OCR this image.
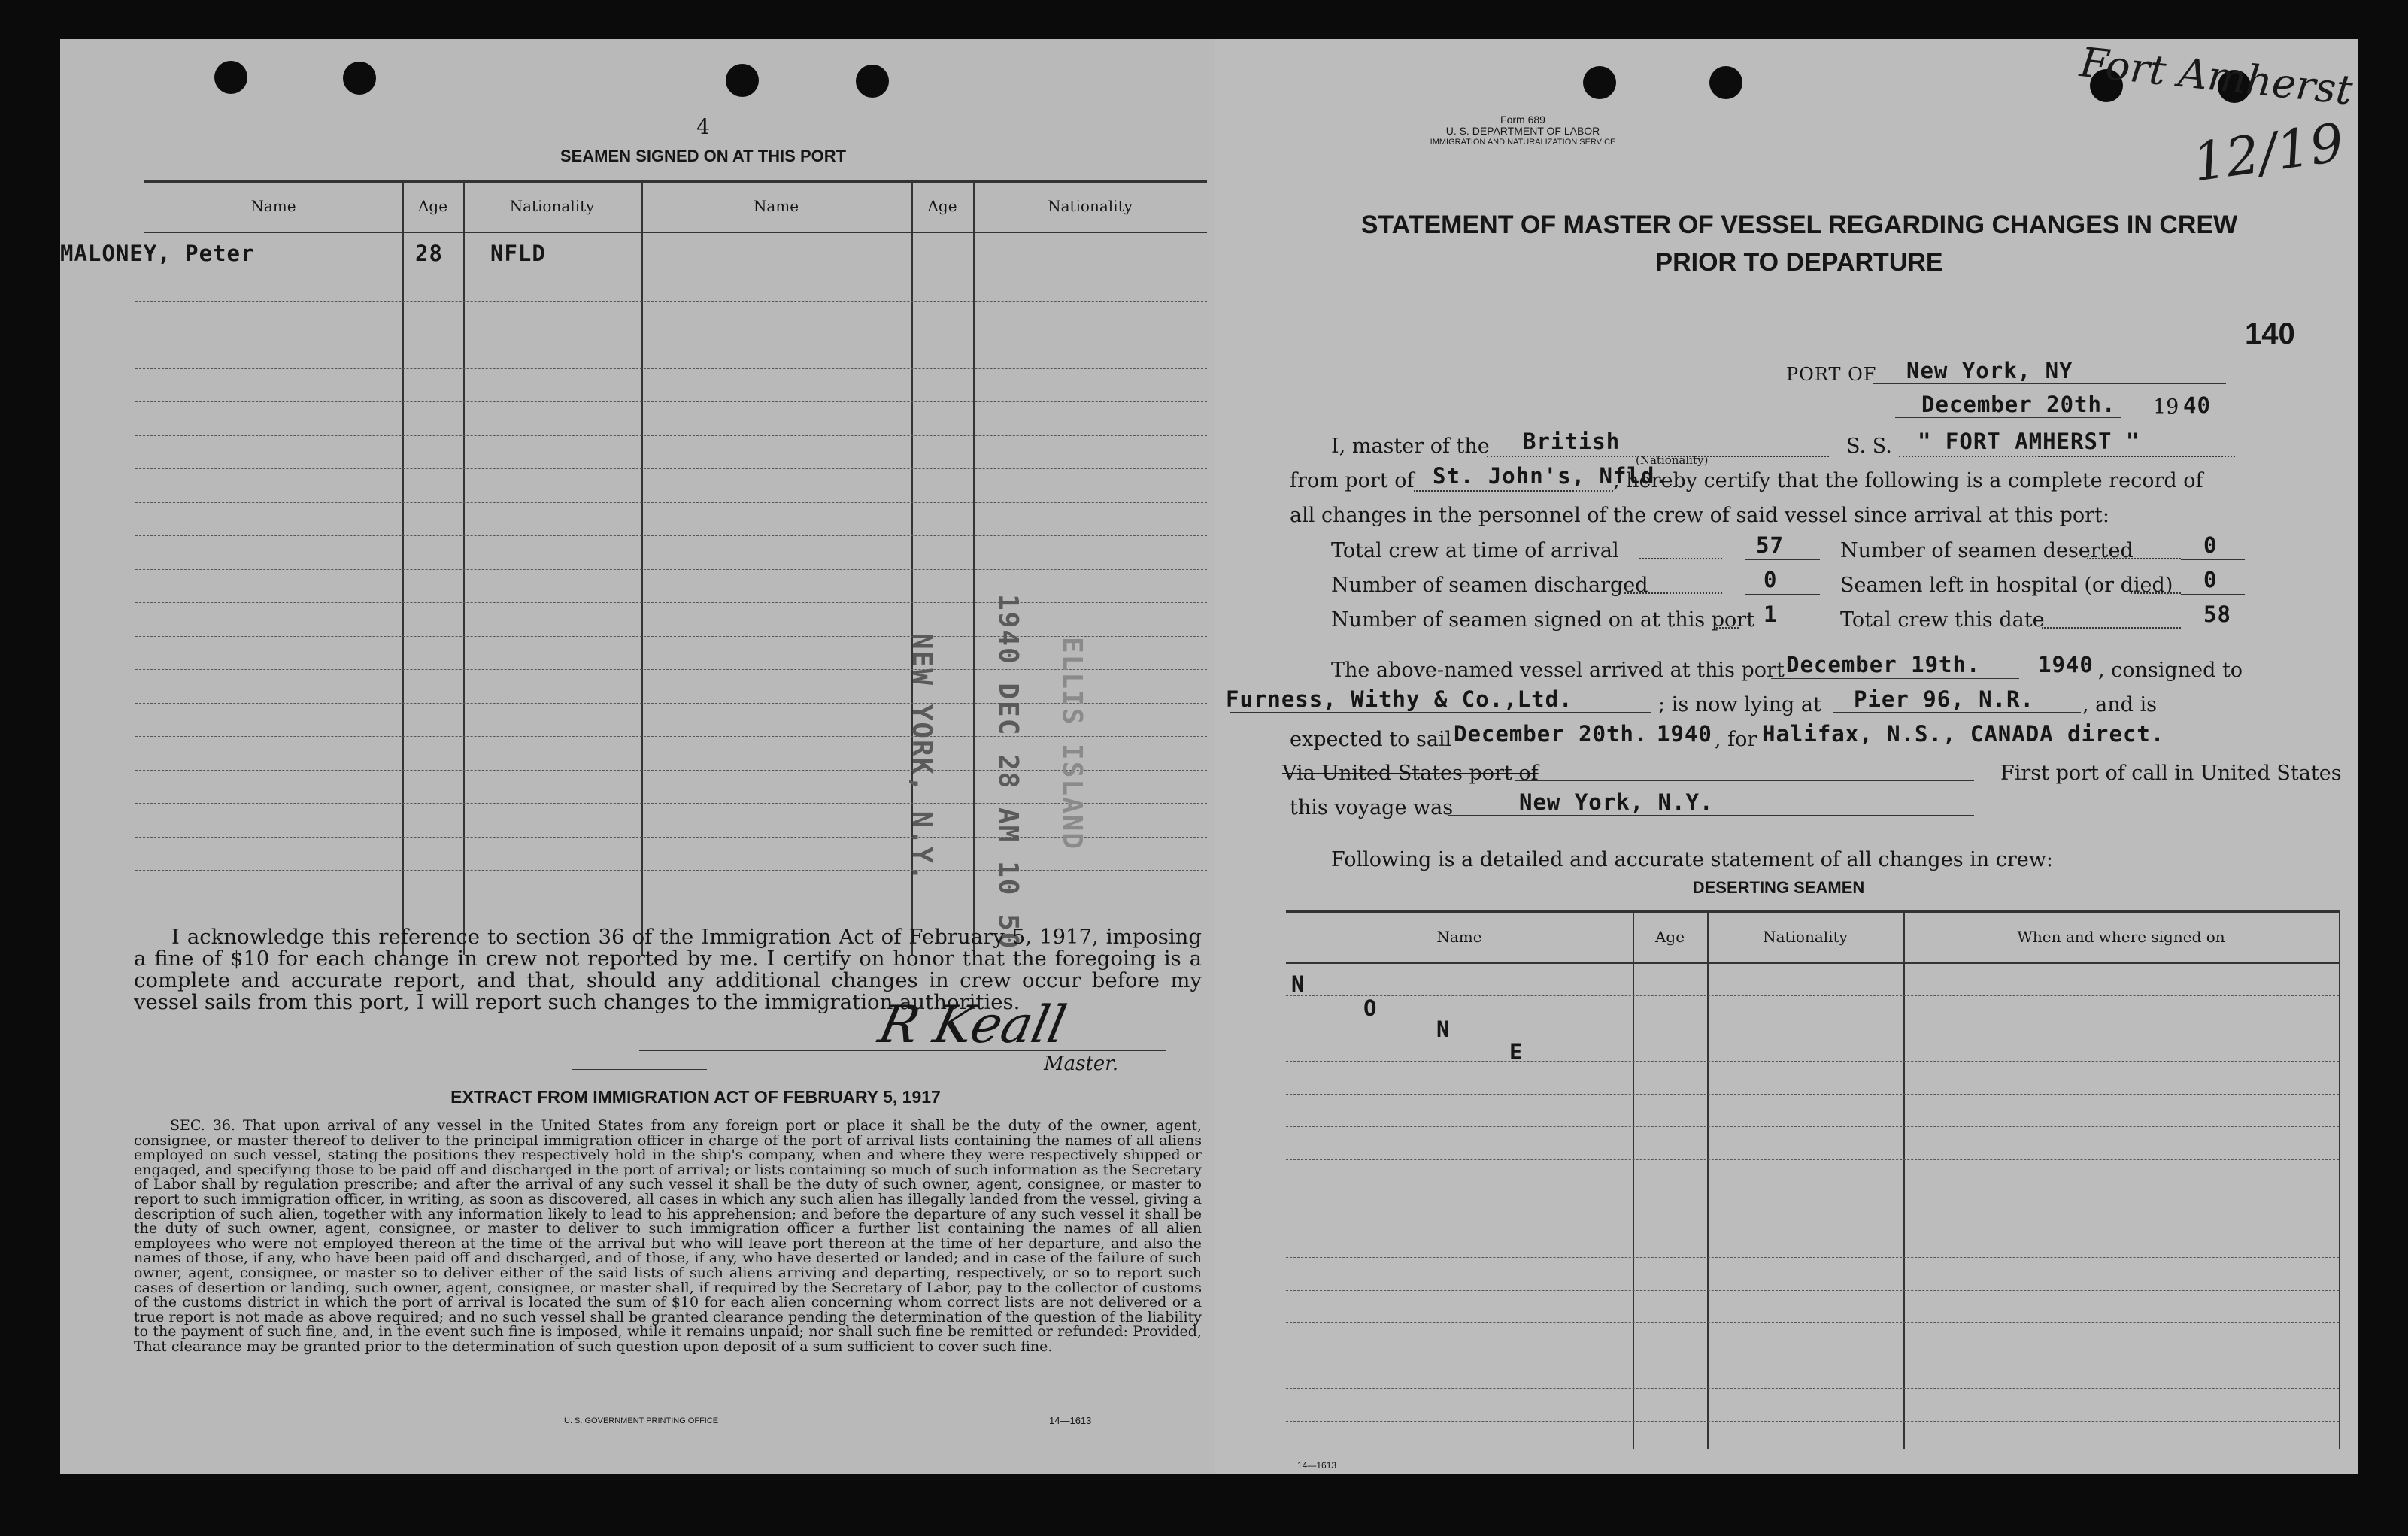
4
SEAMEN SIGNED ON AT THIS PORT
Name	Age	Nationality	Name	Age	Nationality
MALONEY, Peter	28 NFLD
1940 DEC 28 AM 10 50
NEW YORK, N.Y.	ELLIS ISLAND
I acknowledge this reference to section 36 of the Immigration Act of February 5, 1917, imposing a fine of $10 for each change in crew not reported by me. I certify on honor that the foregoing is a complete and accurate report, and that, should any additional changes in crew occur before my vessel sails from this port, I will report such changes to the immigration authorities.
R Keall
Master.
EXTRACT FROM IMMIGRATION ACT OF FEBRUARY 5, 1917
SEC. 36. That upon arrival of any vessel in the United States from any foreign port or place it shall be the duty of the owner, agent, consignee, or master thereof to deliver to the principal immigration officer in charge of the port of arrival lists containing the names of all aliens employed on such vessel, stating the positions they respectively hold in the ship's company, when and where they were respectively shipped or engaged, and specifying those to be paid off and discharged in the port of arrival; or lists containing so much of such information as the Secretary of Labor shall by regulation prescribe; and after the arrival of any such vessel it shall be the duty of such owner, agent, consignee, or master to report to such immigration officer, in writing, as soon as discovered, all cases in which any such alien has illegally landed from the vessel, giving a description of such alien, together with any information likely to lead to his apprehension; and before the departure of any such vessel it shall be the duty of such owner, agent, consignee, or master to deliver to such immigration officer a further list containing the names of all alien employees who were not employed thereon at the time of the arrival but who will leave port thereon at the time of her departure, and also the names of those, if any, who have been paid off and discharged, and of those, if any, who have deserted or landed; and in case of the failure of such owner, agent, consignee, or master so to deliver either of the said lists of such aliens arriving and departing, respectively, or so to report such cases of desertion or landing, such owner, agent, consignee, or master shall, if required by the Secretary of Labor, pay to the collector of customs of the customs district in which the port of arrival is located the sum of $10 for each alien concerning whom correct lists are not delivered or a true report is not made as above required; and no such vessel shall be granted clearance pending the determination of the question of the liability to the payment of such fine, and, in the event such fine is imposed, while it remains unpaid; nor shall such fine be remitted or refunded: Provided, That clearance may be granted prior to the determination of such question upon deposit of a sum sufficient to cover such fine.
U. S. GOVERNMENT PRINTING OFFICE	14—1613
Fort Amherst
12/19
Form 689
U. S. DEPARTMENT OF LABOR
IMMIGRATION AND NATURALIZATION SERVICE
STATEMENT OF MASTER OF VESSEL REGARDING CHANGES IN CREW
PRIOR TO DEPARTURE
140
PORT OF New York, NY
December 20th. 19 40
I, master of the British	S. S. " FORT AMHERST "
(Nationality)
from port of St. John's, Nfld.
, hereby certify that the following is a complete record of
all changes in the personnel of the crew of said vessel since arrival at this port:
Total crew at time of arrival	57	Number of seamen deserted	0
Number of seamen discharged	0	Seamen left in hospital (or died) 0
Number of seamen signed on at this port 1	Total crew this date	58
The above-named vessel arrived at this port December 19th.	1940 , consigned to
Furness, Withy & Co.,Ltd.	; is now lying at Pier 96, N.R. , and is
expected to sail December 20th. 1940 , for Halifax, N.S., CANADA direct.
Via United States port of	First port of call in United States
this voyage was	New York, N.Y.
Following is a detailed and accurate statement of all changes in crew:
DESERTING SEAMEN
Name	Age	Nationality	When and where signed on
N
O
N
E
14—1613
